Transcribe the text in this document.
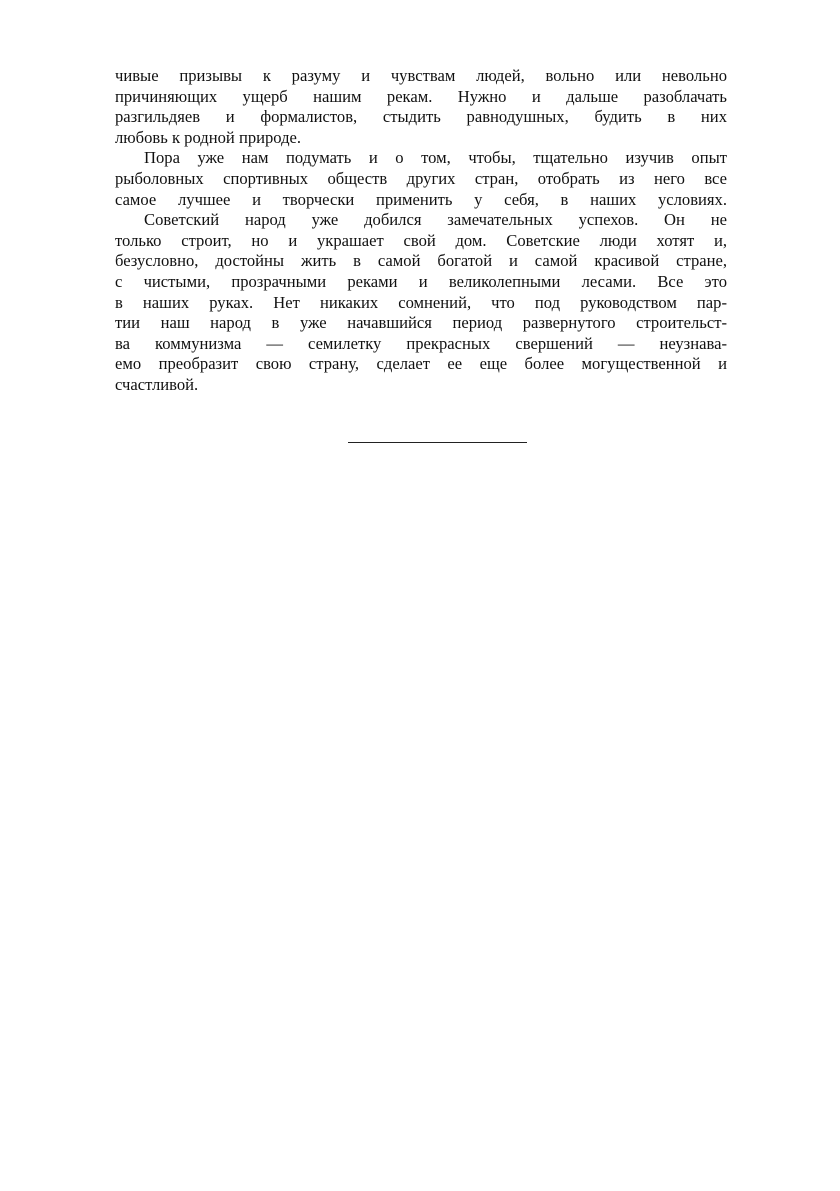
чивые призывы к разуму и чувствам людей, вольно или невольно
причиняющих ущерб нашим рекам. Нужно и дальше разоблачать
разгильдяев и формалистов, стыдить равнодушных, будить в них
любовь к родной природе.

Пора уже нам подумать и о том, чтобы, тщательно изучив опыт
рыболовных спортивных обществ других стран, отобрать из него все
самое лучшее и творчески применить у себя, в наших условиях.

Советский народ уже добился замечательных успехов. Он не
только строит, но и украшает свой дом. Советские люди хотят и,
безусловно, достойны жить в самой богатой и самой красивой стране,
с чистыми, прозрачными реками и великолепными лесами. Все это
в наших руках. Нет никаких сомнений, что под руководством пар-
тии наш народ в уже начавшийся период развернутого строительст-
ва коммунизма — семилетку прекрасных свершений — неузнава-
емо преобразит свою страну, сделает ее еще более могущественной и
счастливой.
